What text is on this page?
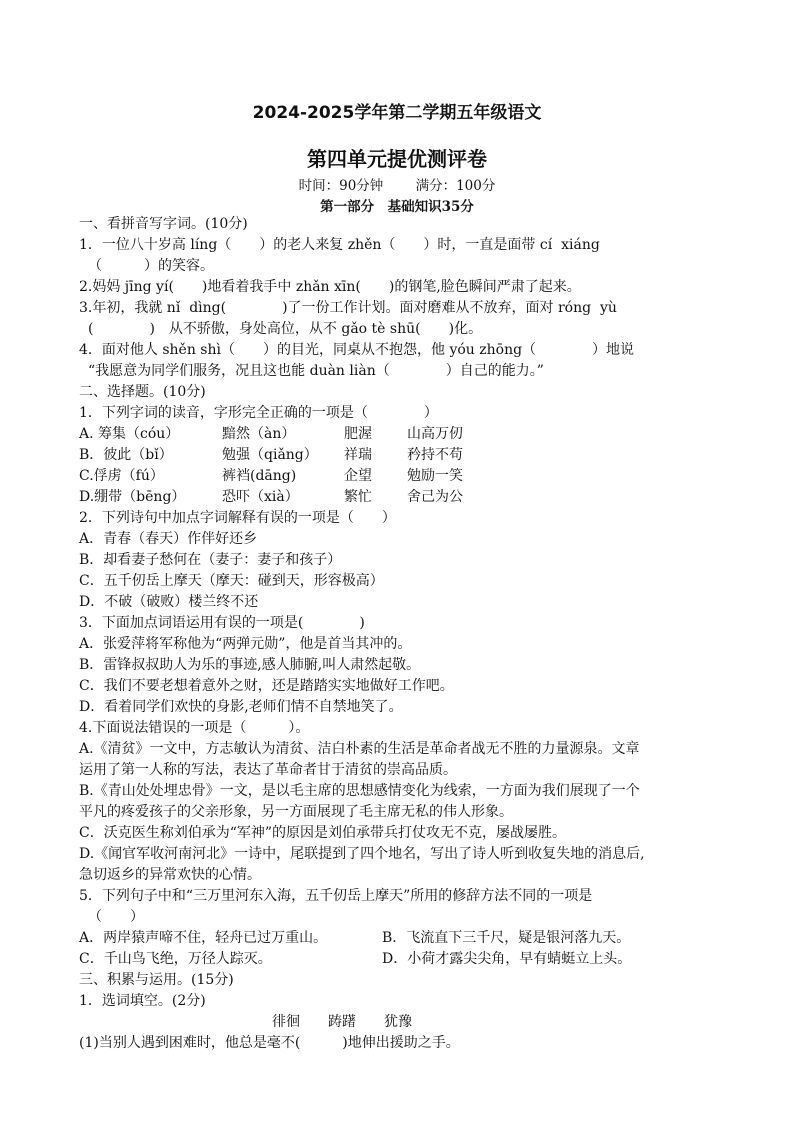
2024-2025学年第二学期五年级语文
第四单元提优测评卷
时间：90分钟 满分：100分
第一部分　基础知识35分
一、看拼音写字词。(10分)
1．一位八十岁高 líng（　　）的老人来复 zhěn（　　）时，一直是面带 cí  xiáng
（　　　）的笑容。
2.妈妈 jīng yí(　　)地看着我手中 zhǎn xīn(　　)的钢笔,脸色瞬间严肃了起来。
3.年初，我就 nǐ  dìng(　　　　)了一份工作计划。面对磨难从不放弃，面对 róng  yù
(　　　　)　从不骄傲，身处高位，从不 gǎo tè shū(　　)化。
4．面对他人 shěn shì（　　）的目光，同桌从不抱怨，他 yóu zhōng（　　　　）地说
“我愿意为同学们服务，况且这也能 duàn liàn（　　　　）自己的能力。”
二、选择题。(10分)
1．下列字词的读音，字形完全正确的一项是（　　　　）
A. 筹集（cóu）	黯然（àn）	肥渥	山高万仞
B．彼此（bǐ）	勉强（qiǎng） 祥瑞	矜持不苟
C.俘虏（fú）	裤裆(dāng)	企望	勉励一笑
D.绷带（bēng）	恐吓（xià）	繁忙	舍己为公
2．下列诗句中加点字词解释有误的一项是（　　）
A．青春（春天）作伴好还乡
B．却看妻子愁何在（妻子：妻子和孩子）
C．五千仞岳上摩天（摩天：碰到天，形容极高）
D．不破（破败）楼兰终不还
3．下面加点词语运用有误的一项是(　　　　)
A．张爱萍将军称他为“两弹元勋”，他是首当其冲的。
B．雷锋叔叔助人为乐的事迹,感人肺腑,叫人肃然起敬。
C．我们不要老想着意外之财，还是踏踏实实地做好工作吧。
D．看着同学们欢快的身影,老师们情不自禁地笑了。
4.下面说法错误的一项是（　　　）。
A.《清贫》一文中，方志敏认为清贫、洁白朴素的生活是革命者战无不胜的力量源泉。文章
运用了第一人称的写法，表达了革命者甘于清贫的崇高品质。
B.《青山处处埋忠骨》一文，是以毛主席的思想感情变化为线索，一方面为我们展现了一个
平凡的疼爱孩子的父亲形象，另一方面展现了毛主席无私的伟人形象。
C．沃克医生称刘伯承为“军神”的原因是刘伯承带兵打仗攻无不克，屡战屡胜。
D.《闻官军收河南河北》一诗中，尾联提到了四个地名，写出了诗人听到收复失地的消息后,
急切返乡的异常欢快的心情。
5．下列句子中和“三万里河东入海，五千仞岳上摩天”所用的修辞方法不同的一项是
（　　）
A．两岸猿声啼不住，轻舟已过万重山。	B．飞流直下三千尺，疑是银河落九天。
C．千山鸟飞绝，万径人踪灭。	D．小荷才露尖尖角，早有蜻蜓立上头。
三、积累与运用。(15分)
1．选词填空。(2分)
徘徊　　踌躇　　犹豫
(1)当别人遇到困难时，他总是毫不(　　　)地伸出援助之手。
